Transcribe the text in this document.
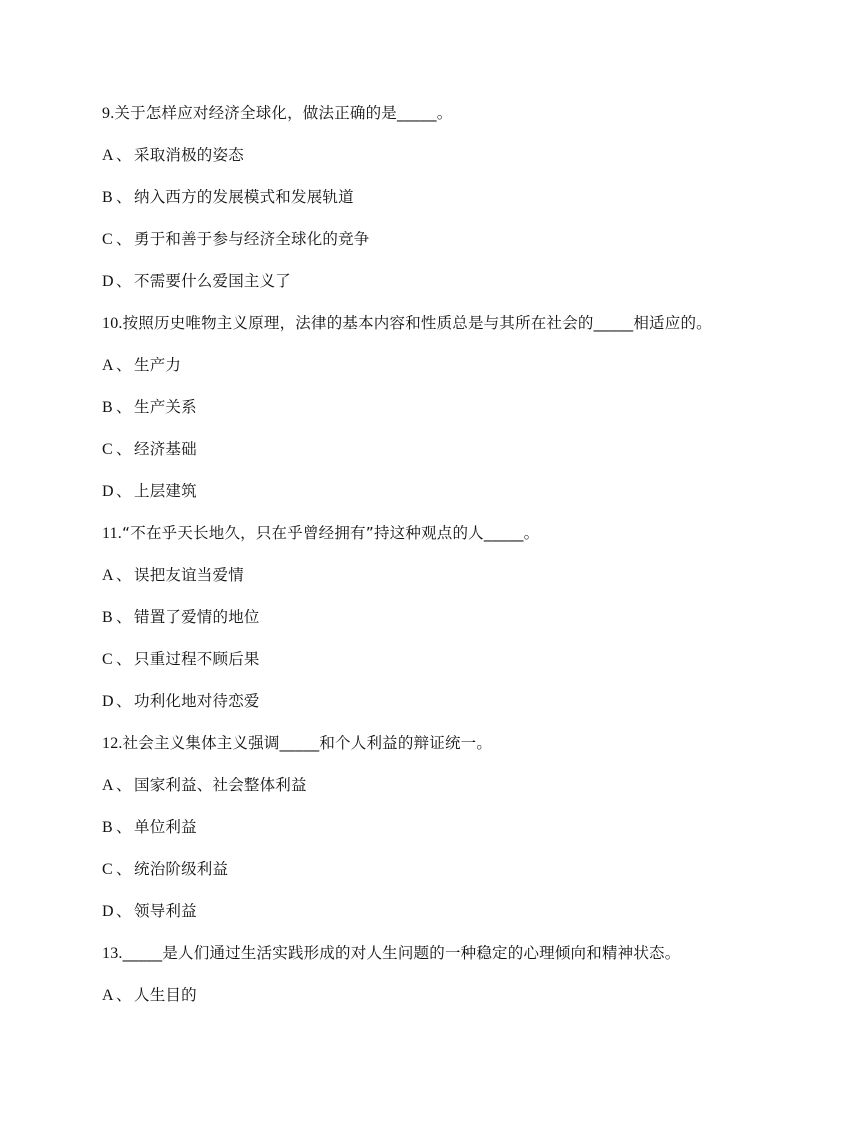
9.关于怎样应对经济全球化，做法正确的是_____。
A 、 采取消极的姿态
B 、 纳入西方的发展模式和发展轨道
C 、 勇于和善于参与经济全球化的竞争
D 、 不需要什么爱国主义了
10.按照历史唯物主义原理，法律的基本内容和性质总是与其所在社会的_____相适应的。
A 、 生产力
B 、 生产关系
C 、 经济基础
D 、 上层建筑
11.“不在乎天长地久，只在乎曾经拥有”持这种观点的人_____。
A 、 误把友谊当爱情
B 、 错置了爱情的地位
C 、 只重过程不顾后果
D 、 功利化地对待恋爱
12.社会主义集体主义强调_____和个人利益的辩证统一。
A 、 国家利益、社会整体利益
B 、 单位利益
C 、 统治阶级利益
D 、 领导利益
13._____是人们通过生活实践形成的对人生问题的一种稳定的心理倾向和精神状态。
A 、 人生目的
